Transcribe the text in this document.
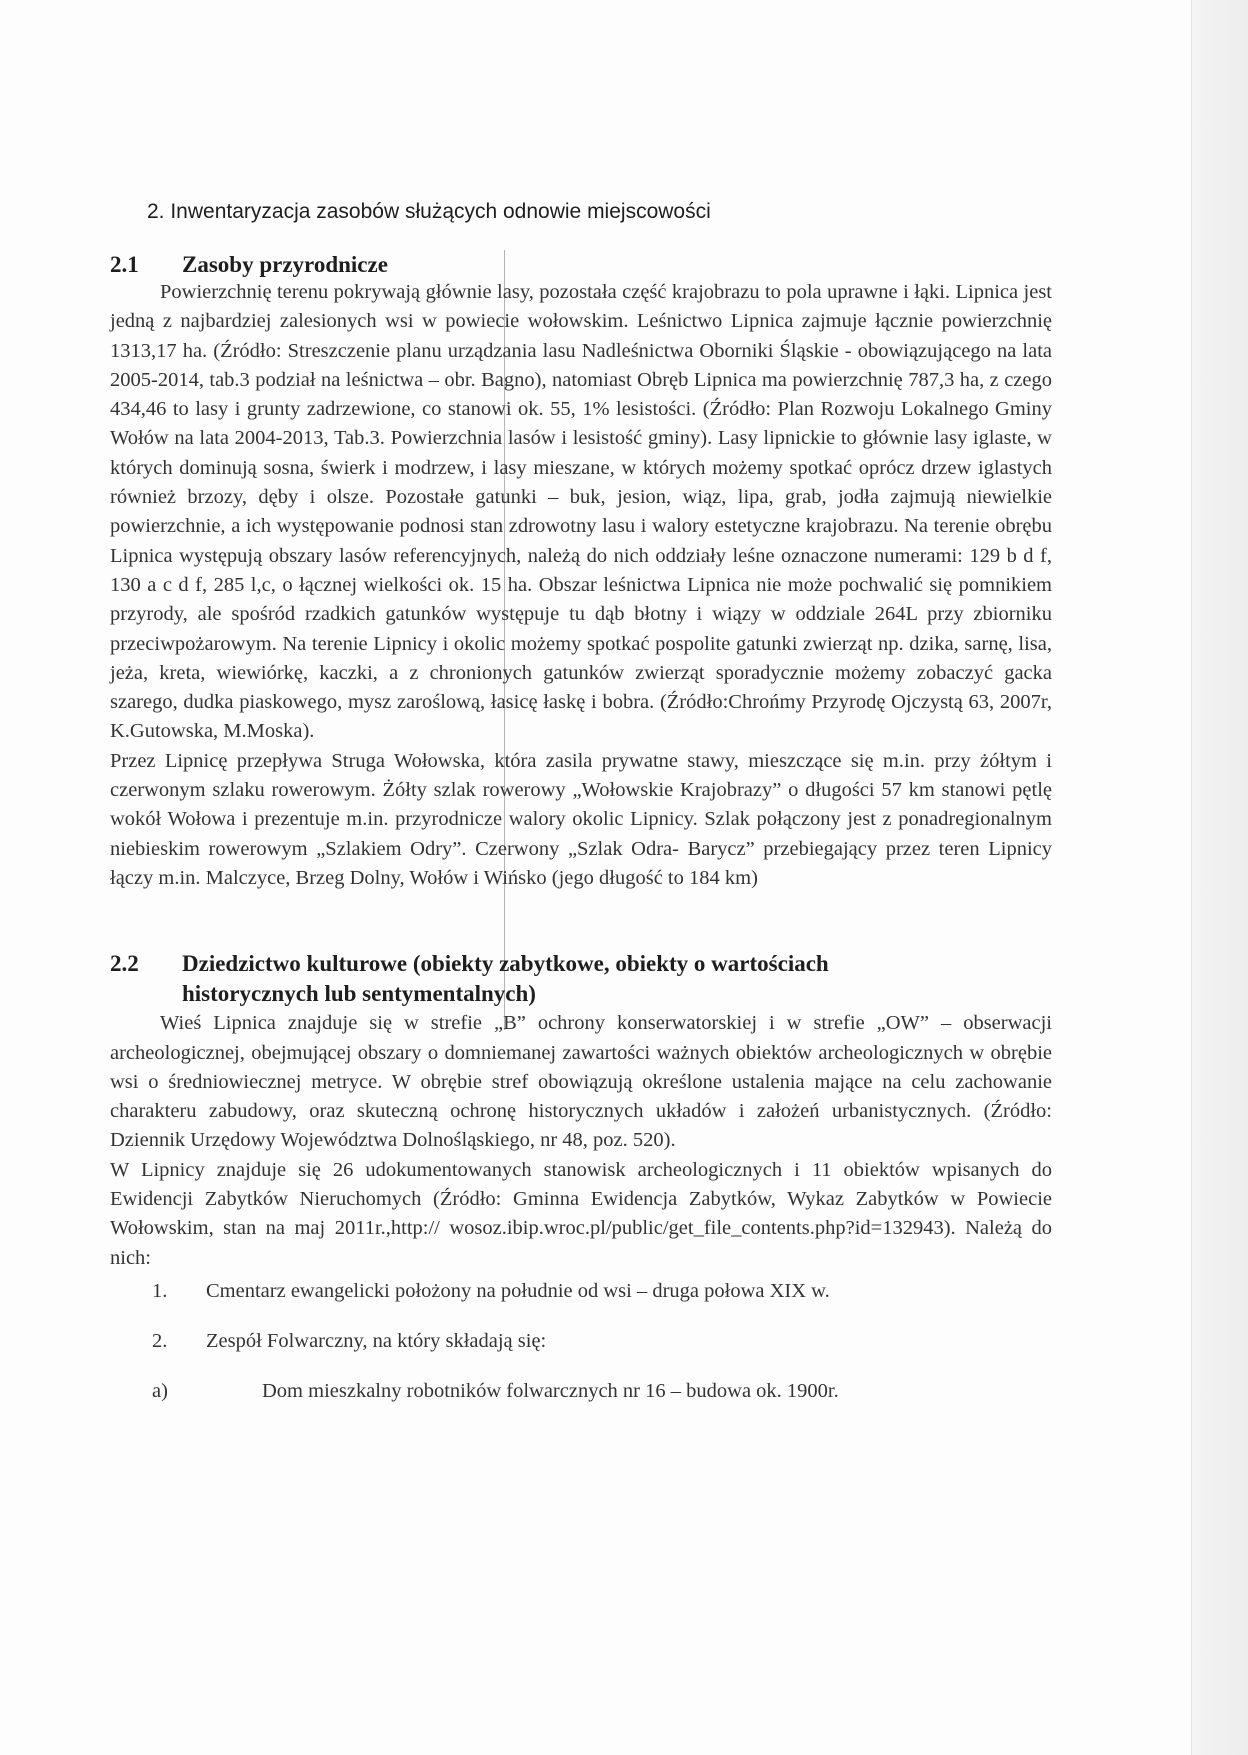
2. Inwentaryzacja zasobów służących odnowie miejscowości
2.1	Zasoby przyrodnicze

Powierzchnię terenu pokrywają głównie lasy, pozostała część krajobrazu to pola uprawne i łąki. Lipnica jest jedną z najbardziej zalesionych wsi w powiecie wołowskim. Leśnictwo Lipnica zajmuje łącznie powierzchnię 1313,17 ha. (Źródło: Streszczenie planu urządzania lasu Nadleśnictwa Oborniki Śląskie - obowiązującego na lata 2005-2014, tab.3 podział na leśnictwa – obr. Bagno), natomiast Obręb Lipnica ma powierzchnię 787,3 ha, z czego 434,46 to lasy i grunty zadrzewione, co stanowi ok. 55, 1% lesistości. (Źródło: Plan Rozwoju Lokalnego Gminy Wołów na lata 2004-2013, Tab.3. Powierzchnia lasów i lesistość gminy). Lasy lipnickie to głównie lasy iglaste, w których dominują sosna, świerk i modrzew, i lasy mieszane, w których możemy spotkać oprócz drzew iglastych również brzozy, dęby i olsze. Pozostałe gatunki – buk, jesion, wiąz, lipa, grab, jodła zajmują niewielkie powierzchnie, a ich występowanie podnosi stan zdrowotny lasu i walory estetyczne krajobrazu. Na terenie obrębu Lipnica występują obszary lasów referencyjnych, należą do nich oddziały leśne oznaczone numerami: 129 b d f, 130 a c d f, 285 l,c, o łącznej wielkości ok. 15 ha. Obszar leśnictwa Lipnica nie może pochwalić się pomnikiem przyrody, ale spośród rzadkich gatunków występuje tu dąb błotny i wiązy w oddziale 264L przy zbiorniku przeciwpożarowym. Na terenie Lipnicy i okolic możemy spotkać pospolite gatunki zwierząt np. dzika, sarnę, lisa, jeża, kreta, wiewiórkę, kaczki, a z chronionych gatunków zwierząt sporadycznie możemy zobaczyć gacka szarego, dudka piaskowego, mysz zaroślową, łasicę łaskę i bobra. (Źródło:Chrońmy Przyrodę Ojczystą 63, 2007r, K.Gutowska, M.Moska).

Przez Lipnicę przepływa Struga Wołowska, która zasila prywatne stawy, mieszczące się m.in. przy żółtym i czerwonym szlaku rowerowym. Żółty szlak rowerowy „Wołowskie Krajobrazy” o długości 57 km stanowi pętlę wokół Wołowa i prezentuje m.in. przyrodnicze walory okolic Lipnicy. Szlak połączony jest z ponadregionalnym niebieskim rowerowym „Szlakiem Odry”. Czerwony „Szlak Odra- Barycz” przebiegający przez teren Lipnicy łączy m.in. Malczyce, Brzeg Dolny, Wołów i Wińsko (jego długość to 184 km)

2.2	Dziedzictwo kulturowe (obiekty zabytkowe, obiekty o wartościach
historycznych lub sentymentalnych)

Wieś Lipnica znajduje się w strefie „B” ochrony konserwatorskiej i w strefie „OW” – obserwacji archeologicznej, obejmującej obszary o domniemanej zawartości ważnych obiektów archeologicznych w obrębie wsi o średniowiecznej metryce. W obrębie stref obowiązują określone ustalenia mające na celu zachowanie charakteru zabudowy, oraz skuteczną ochronę historycznych układów i założeń urbanistycznych. (Źródło: Dziennik Urzędowy Województwa Dolnośląskiego, nr 48, poz. 520).

W Lipnicy znajduje się 26 udokumentowanych stanowisk archeologicznych i 11 obiektów wpisanych do Ewidencji Zabytków Nieruchomych (Źródło: Gminna Ewidencja Zabytków, Wykaz Zabytków w Powiecie Wołowskim, stan na maj 2011r.,http:// wosoz.ibip.wroc.pl/public/get_file_contents.php?id=132943). Należą do nich:

1.	Cmentarz ewangelicki położony na południe od wsi – druga połowa XIX w.
2.	Zespół Folwarczny, na który składają się:
a)	Dom mieszkalny robotników folwarcznych nr 16 – budowa ok. 1900r.
